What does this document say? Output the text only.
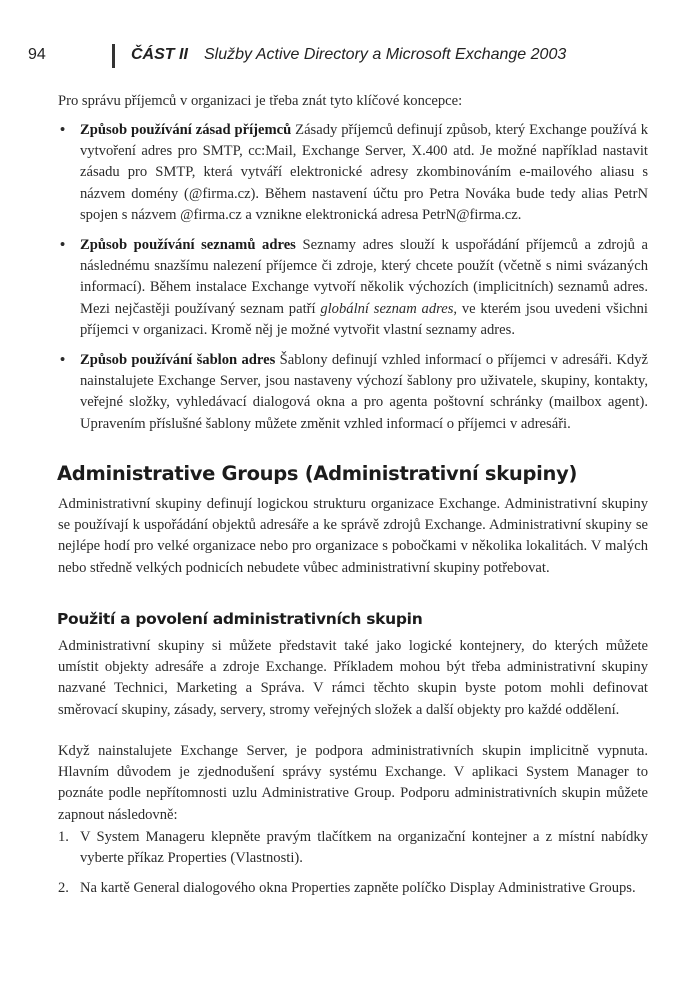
94	ČÁST II Služby Active Directory a Microsoft Exchange 2003

Pro správu příjemců v organizaci je třeba znát tyto klíčové koncepce:

• Způsob používání zásad příjemců Zásady příjemců definují způsob, který Exchange používá k vytvoření adres pro SMTP, cc:Mail, Exchange Server, X.400 atd. Je možné například nastavit zásadu pro SMTP, která vytváří elektronické adresy zkombinováním e-mailového aliasu s názvem domény (@firma.cz). Během nastavení účtu pro Petra Nováka bude tedy alias PetrN spojen s názvem @firma.cz a vznikne elektronická adresa PetrN@firma.cz.
• Způsob používání seznamů adres Seznamy adres slouží k uspořádání příjemců a zdrojů a následnému snazšímu nalezení příjemce či zdroje, který chcete použít (včetně s nimi svázaných informací). Během instalace Exchange vytvoří několik výchozích (implicitních) seznamů adres. Mezi nejčastěji používaný seznam patří globální seznam adres, ve kterém jsou uvedeni všichni příjemci v organizaci. Kromě něj je možné vytvořit vlastní seznamy adres.
• Způsob používání šablon adres Šablony definují vzhled informací o příjemci v adresáři. Když nainstalujete Exchange Server, jsou nastaveny výchozí šablony pro uživatele, skupiny, kontakty, veřejné složky, vyhledávací dialogová okna a pro agenta poštovní schránky (mailbox agent). Upravením příslušné šablony můžete změnit vzhled informací o příjemci v adresáři.
Administrative Groups (Administrativní skupiny)

Administrativní skupiny definují logickou strukturu organizace Exchange. Administrativní skupiny se používají k uspořádání objektů adresáře a ke správě zdrojů Exchange. Administrativní skupiny se nejlépe hodí pro velké organizace nebo pro organizace s pobočkami v několika lokalitách. V malých nebo středně velkých podnicích nebudete vůbec administrativní skupiny potřebovat.

Použití a povolení administrativních skupin

Administrativní skupiny si můžete představit také jako logické kontejnery, do kterých můžete umístit objekty adresáře a zdroje Exchange. Příkladem mohou být třeba administrativní skupiny nazvané Technici, Marketing a Správa. V rámci těchto skupin byste potom mohli definovat směrovací skupiny, zásady, servery, stromy veřejných složek a další objekty pro každé oddělení.

Když nainstalujete Exchange Server, je podpora administrativních skupin implicitně vypnuta. Hlavním důvodem je zjednodušení správy systému Exchange. V aplikaci System Manager to poznáte podle nepřítomnosti uzlu Administrative Group. Podporu administrativních skupin můžete zapnout následovně:

1. V System Manageru klepněte pravým tlačítkem na organizační kontejner a z místní nabídky vyberte příkaz Properties (Vlastnosti).
2. Na kartě General dialogového okna Properties zapněte políčko Display Administrative Groups.
